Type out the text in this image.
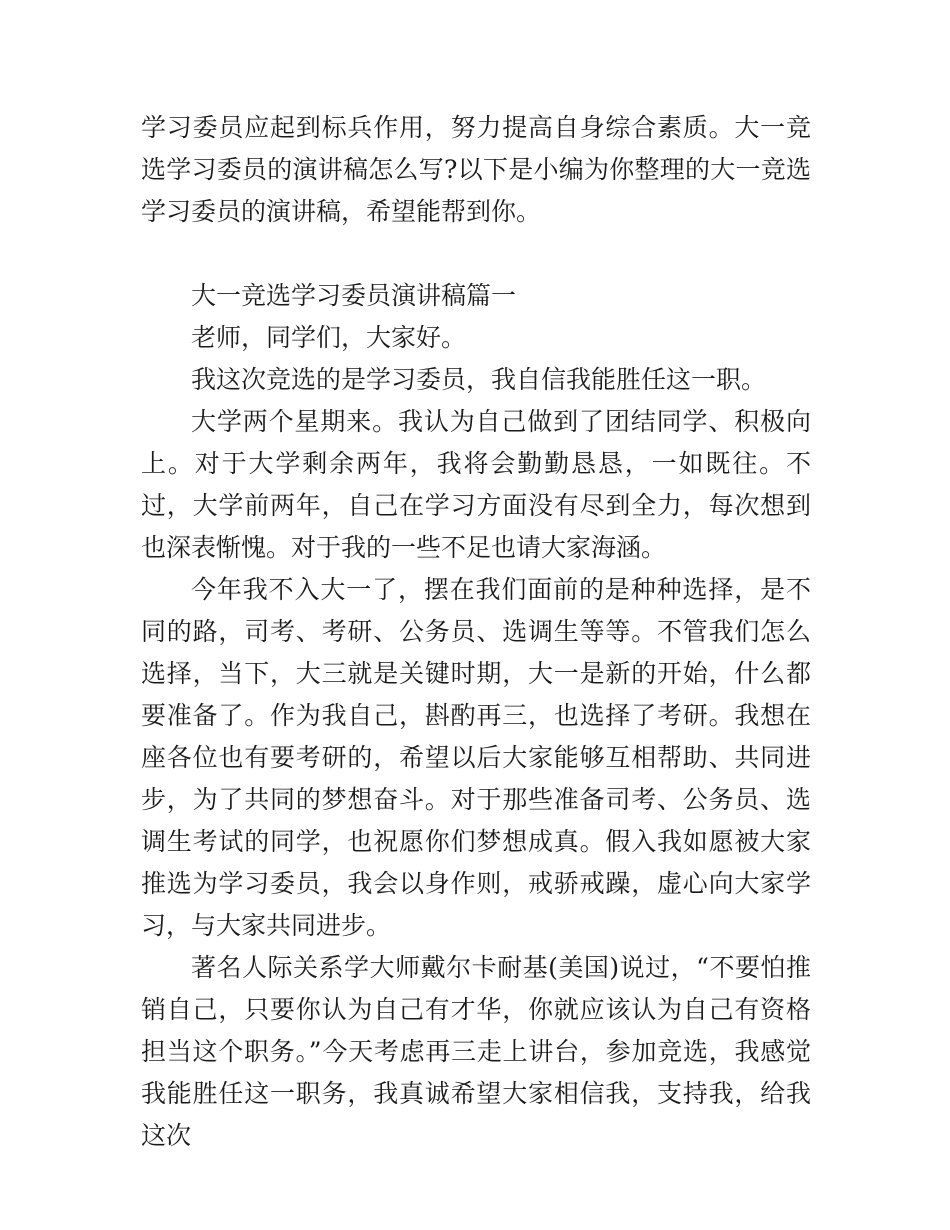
学习委员应起到标兵作用，努力提高自身综合素质。大一竞选学习委员的演讲稿怎么写?以下是小编为你整理的大一竞选学习委员的演讲稿，希望能帮到你。

大一竞选学习委员演讲稿篇一

老师，同学们，大家好。

我这次竞选的是学习委员，我自信我能胜任这一职。

大学两个星期来。我认为自己做到了团结同学、积极向上。对于大学剩余两年，我将会勤勤恳恳，一如既往。不过，大学前两年，自己在学习方面没有尽到全力，每次想到也深表惭愧。对于我的一些不足也请大家海涵。

今年我不入大一了，摆在我们面前的是种种选择，是不同的路，司考、考研、公务员、选调生等等。不管我们怎么选择，当下，大三就是关键时期，大一是新的开始，什么都要准备了。作为我自己，斟酌再三，也选择了考研。我想在座各位也有要考研的，希望以后大家能够互相帮助、共同进步，为了共同的梦想奋斗。对于那些准备司考、公务员、选调生考试的同学，也祝愿你们梦想成真。假入我如愿被大家推选为学习委员，我会以身作则，戒骄戒躁，虚心向大家学习，与大家共同进步。

著名人际关系学大师戴尔卡耐基(美国)说过，“不要怕推销自己，只要你认为自己有才华，你就应该认为自己有资格担当这个职务。”今天考虑再三走上讲台，参加竞选，我感觉我能胜任这一职务，我真诚希望大家相信我，支持我，给我这次
